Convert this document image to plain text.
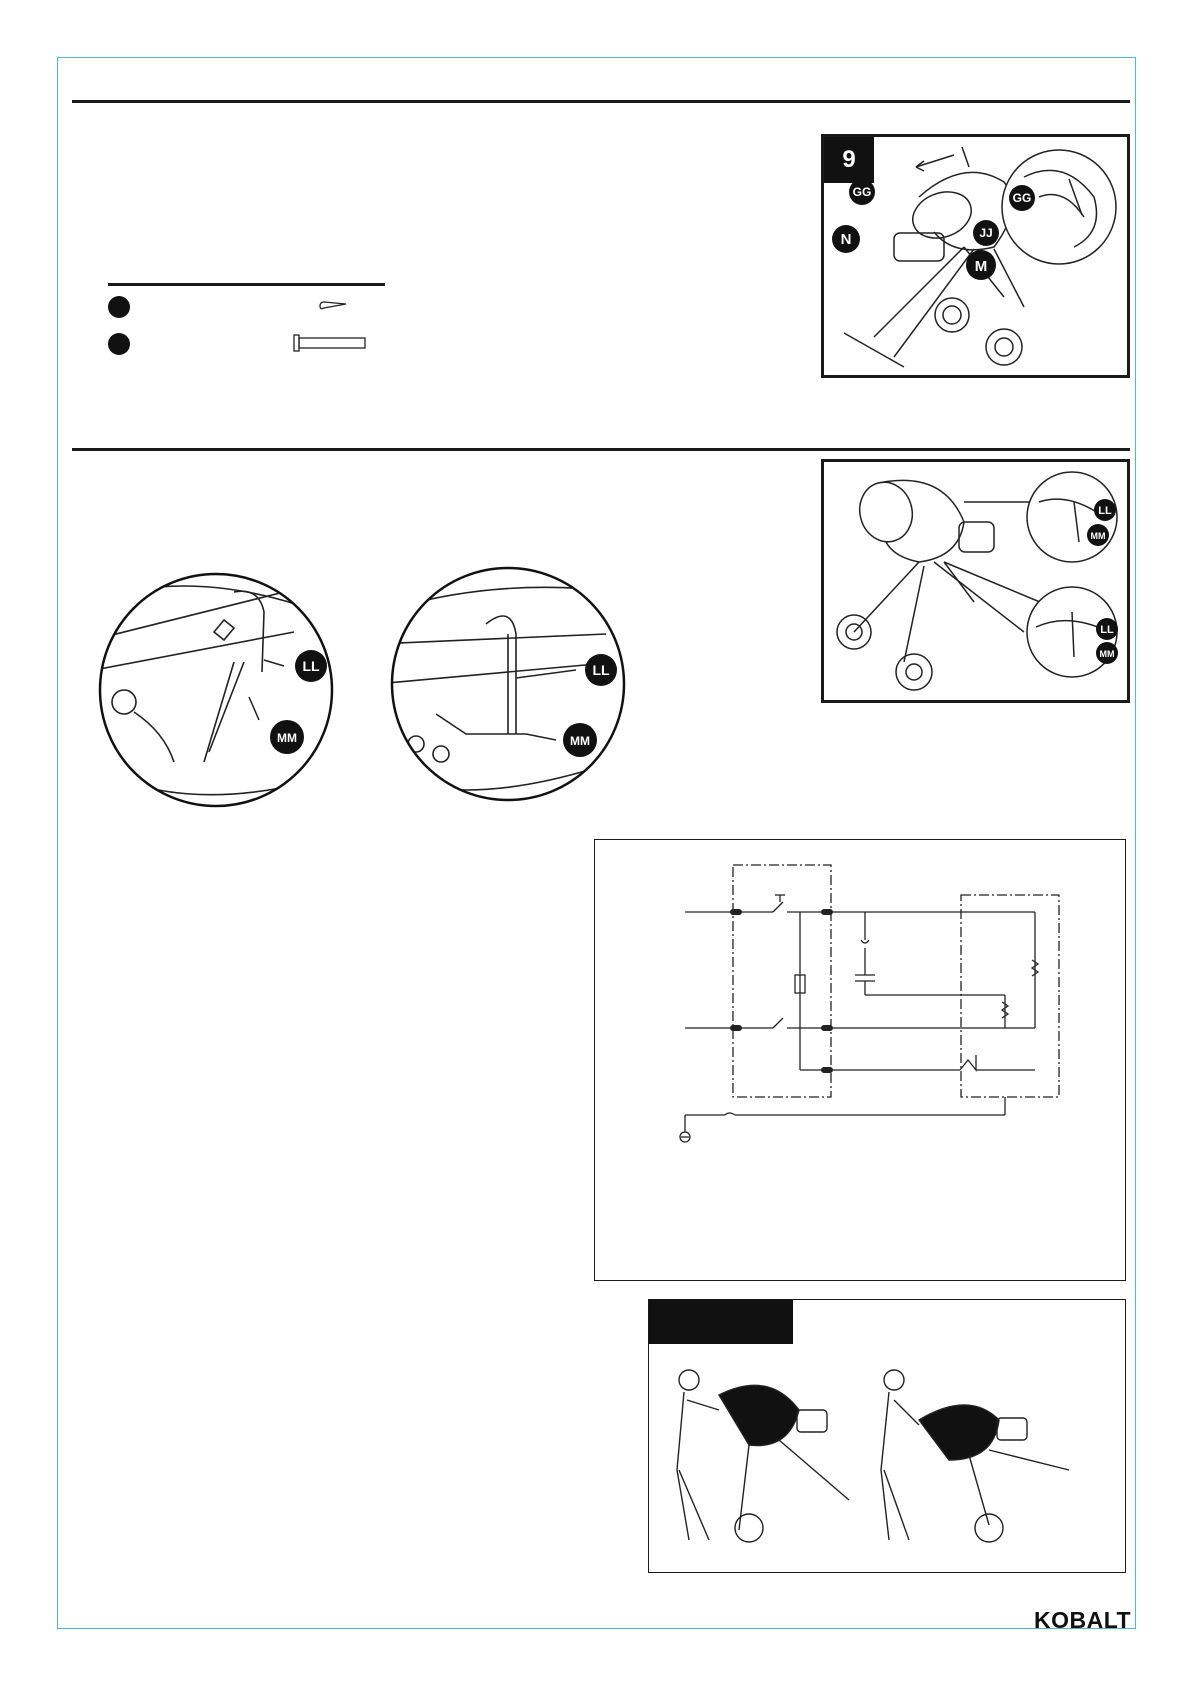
9
GG
N
M
GG
JJ
LL
MM
LL
MM
LL
MM
LL
MM
KOBALT
